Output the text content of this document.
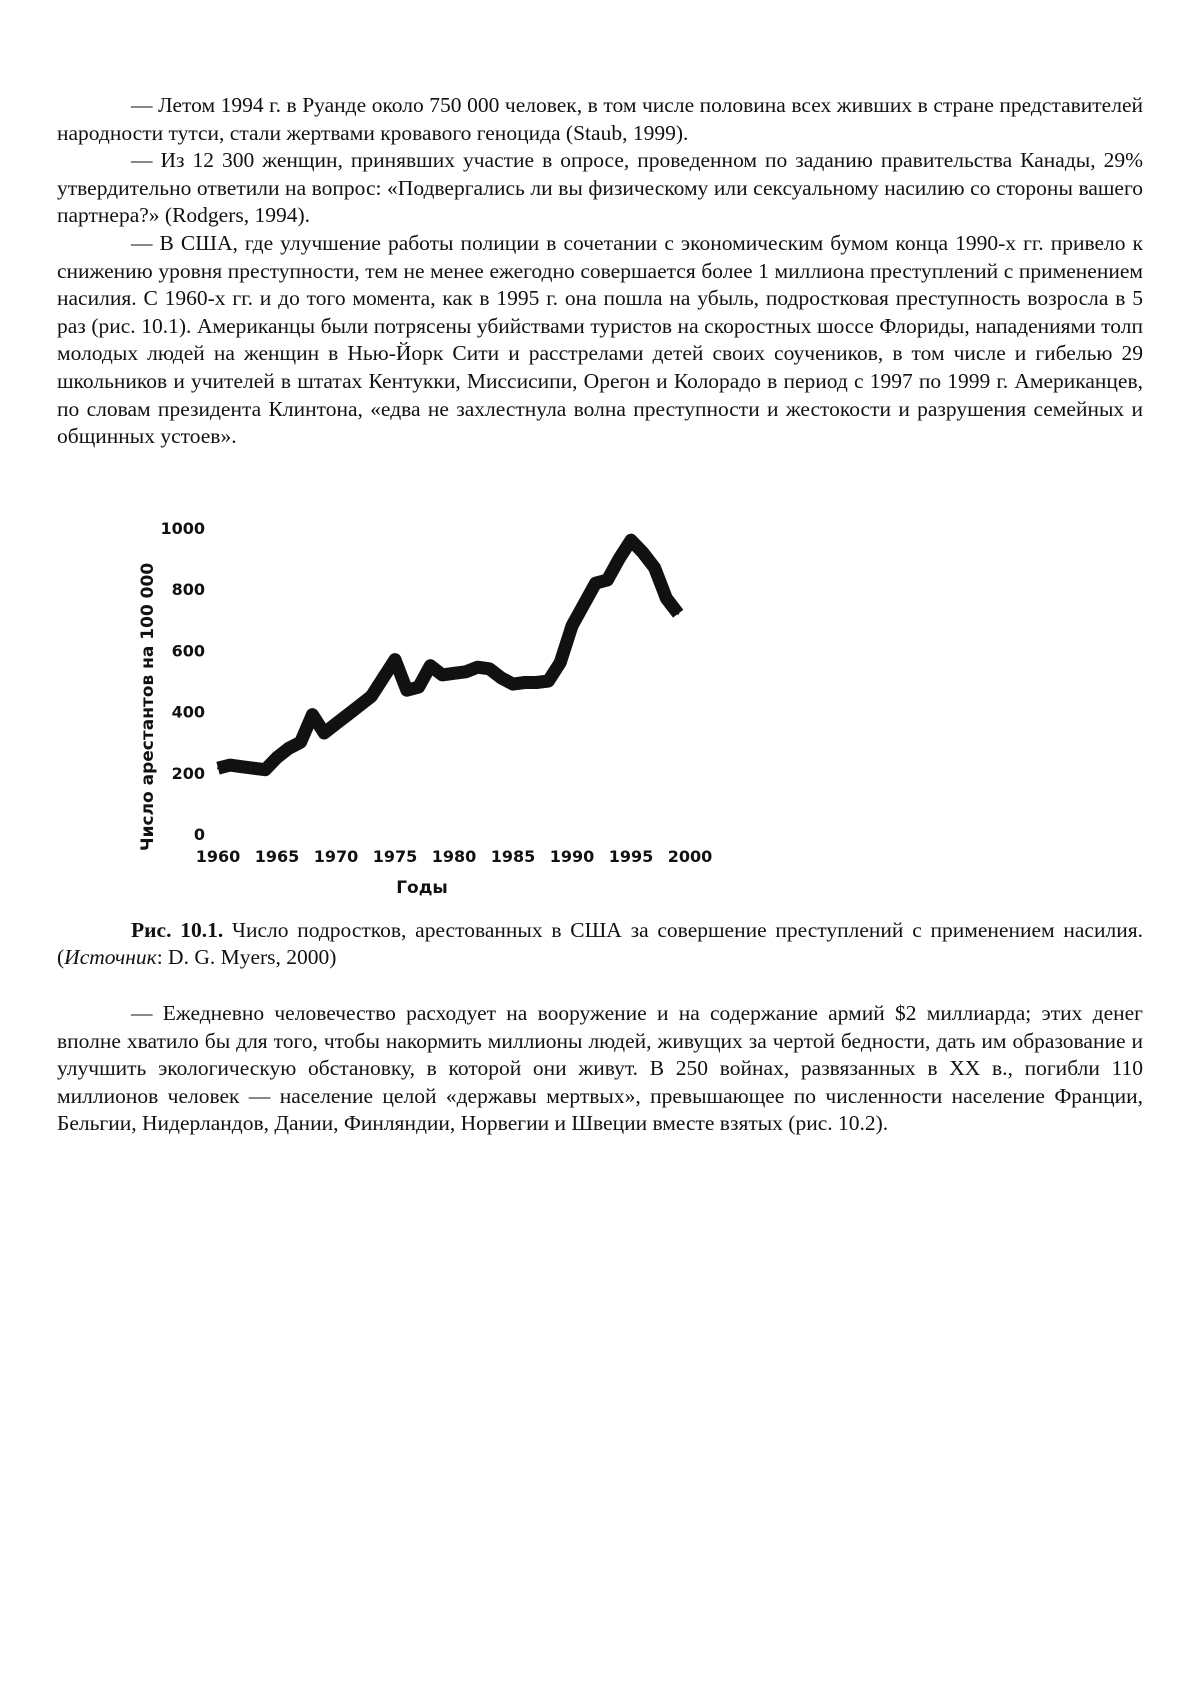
— Летом 1994 г. в Руанде около 750 000 человек, в том числе половина всех живших в стране представителей народности тутси, стали жертвами кровавого геноцида (Staub, 1999).

— Из 12 300 женщин, принявших участие в опросе, проведенном по заданию правительства Канады, 29% утвердительно ответили на вопрос: «Подвергались ли вы физическому или сексуальному насилию со стороны вашего партнера?» (Rodgers, 1994).

— В США, где улучшение работы полиции в сочетании с экономическим бумом конца 1990-х гг. привело к снижению уровня преступности, тем не менее ежегодно совершается более 1 миллиона преступлений с применением насилия. С 1960-х гг. и до того момента, как в 1995 г. она пошла на убыль, подростковая преступность возросла в 5 раз (рис. 10.1). Американцы были потрясены убийствами туристов на скоростных шоссе Флориды, нападениями толп молодых людей на женщин в Нью-Йорк Сити и расстрелами детей своих соучеников, в том числе и гибелью 29 школьников и учителей в штатах Кентукки, Миссисипи, Орегон и Колорадо в период с 1997 по 1999 г. Американцев, по словам президента Клинтона, «едва не захлестнула волна преступности и жестокости и разрушения семейных и общинных устоев».

0
200
400
600
800
1000
1960 1965 1970 1975 1980 1985 1990 1995 2000
Число арестантов на 100 000
Годы

Рис. 10.1. Число подростков, арестованных в США за совершение преступлений с применением насилия. (Источник: D. G. Myers, 2000)

— Ежедневно человечество расходует на вооружение и на содержание армий $2 миллиарда; этих денег вполне хватило бы для того, чтобы накормить миллионы людей, живущих за чертой бедности, дать им образование и улучшить экологическую обстановку, в которой они живут. В 250 войнах, развязанных в XX в., погибли 110 миллионов человек — население целой «державы мертвых», превышающее по численности население Франции, Бельгии, Нидерландов, Дании, Финляндии, Норвегии и Швеции вместе взятых (рис. 10.2).
